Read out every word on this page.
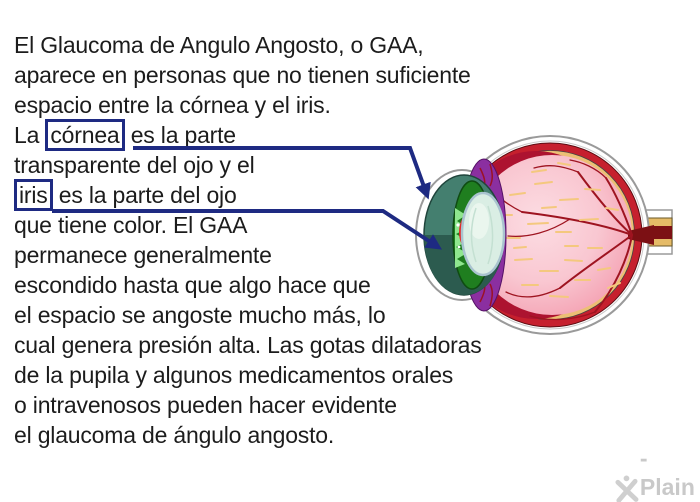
El Glaucoma de Angulo Angosto, o GAA,
aparece en personas que no tienen suficiente
espacio entre la córnea y el iris.
La córnea es la parte
transparente del ojo y el
iris es la parte del ojo
que tiene color. El GAA
permanece generalmente
escondido hasta que algo hace que
el espacio se angoste mucho más, lo
cual genera presión alta. Las gotas dilatadoras
de la pupila y algunos medicamentos orales
o intravenosos pueden hacer evidente
el glaucoma de ángulo angosto.
-Plain
